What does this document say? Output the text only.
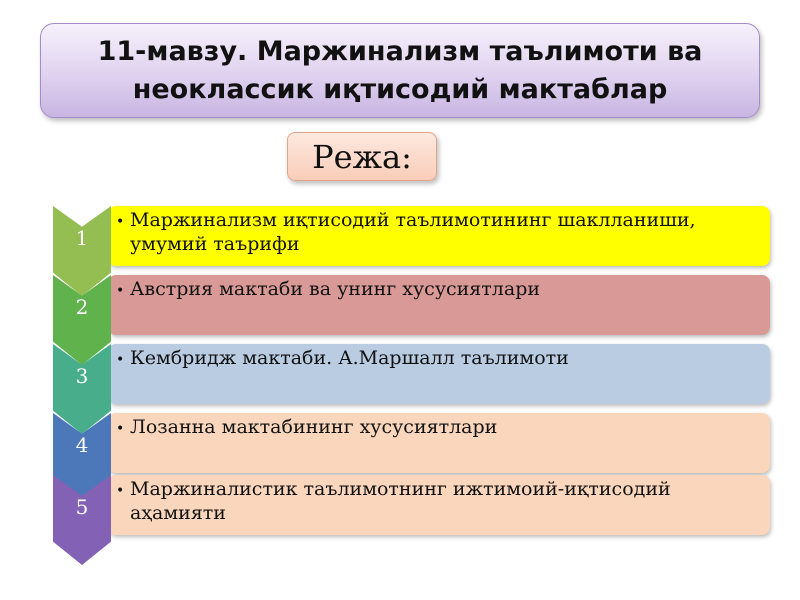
11-мавзу. Маржинализм таълимоти ва
неоклассик иқтисодий мактаблар
Режа:
1
• Маржинализм иқтисодий таълимотининг шаклланиши,
умумий таърифи
2
• Австрия мактаби ва унинг хусусиятлари
3
• Кембридж мактаби. А.Маршалл таълимоти
4
• Лозанна мактабининг хусусиятлари
5
• Маржиналистик таълимотнинг ижтимоий-иқтисодий
аҳамияти
